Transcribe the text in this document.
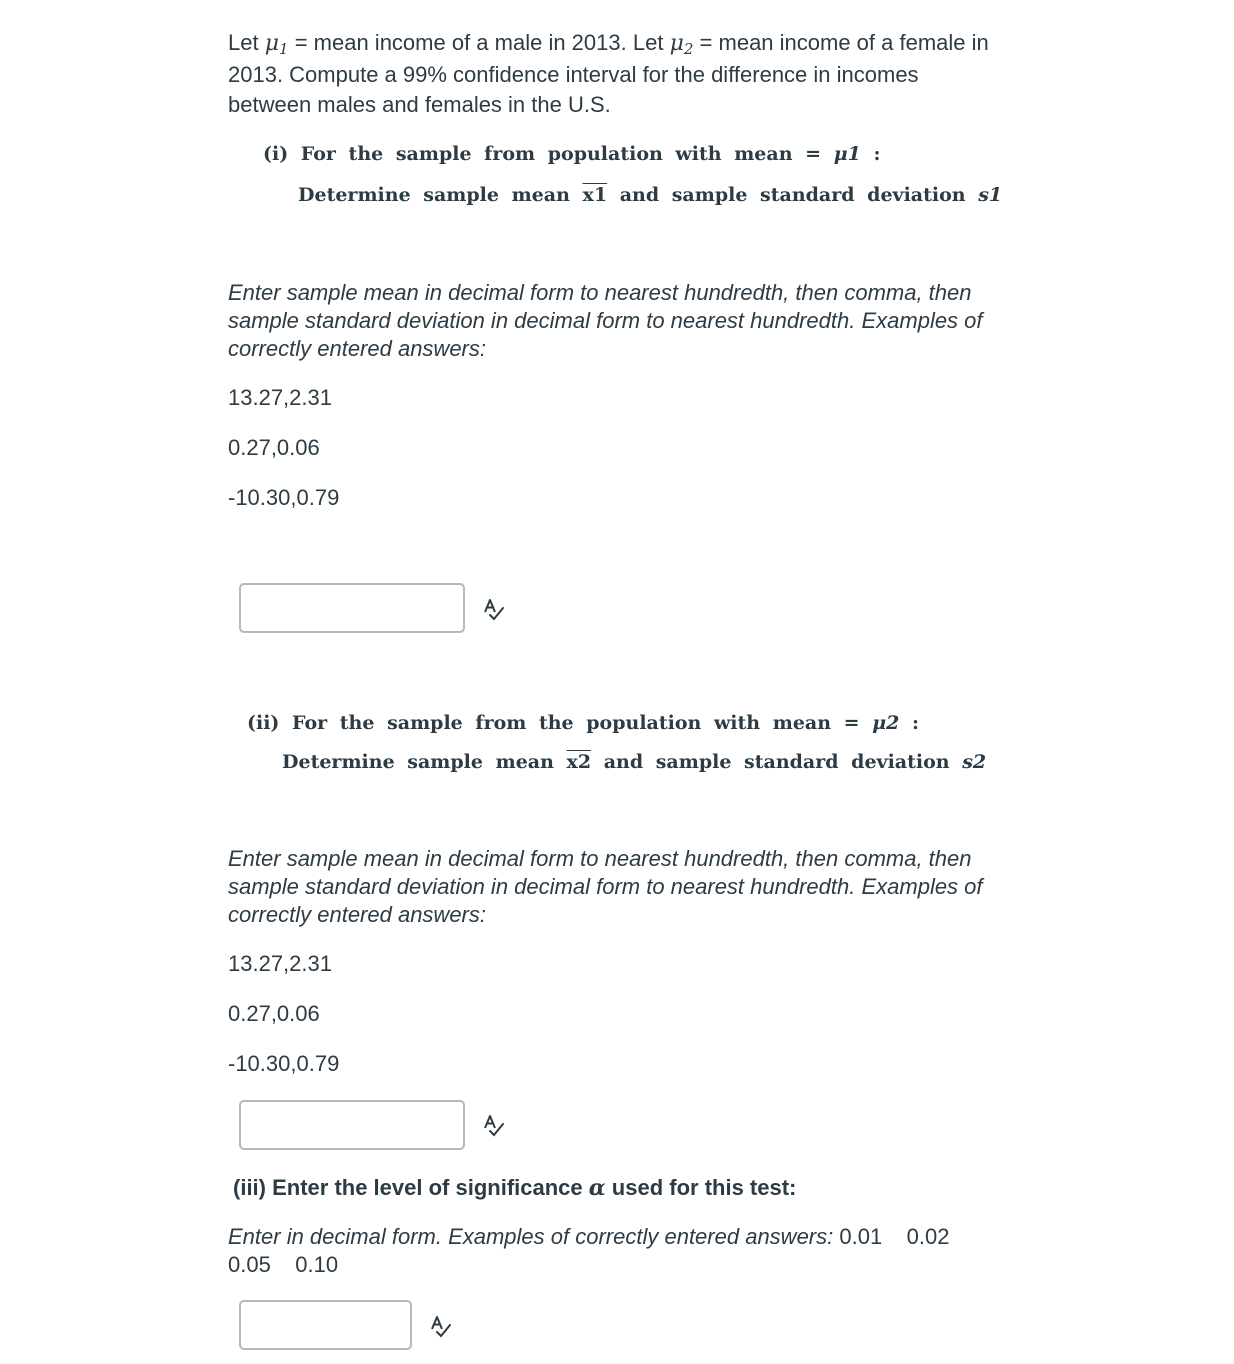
Let $\mu_1$ = mean income of a male in 2013. Let $\mu_2$ = mean income of a female in
2013. Compute a 99% confidence interval for the difference in incomes
between males and females in the U.S.
(i) For the sample from population with mean = μ1 :
Determine sample mean x1 and sample standard deviation s1
Enter sample mean in decimal form to nearest hundredth, then comma, then
sample standard deviation in decimal form to nearest hundredth. Examples of
correctly entered answers:
13.27,2.31
0.27,0.06
-10.30,0.79
(ii) For the sample from the population with mean = μ2 :
Determine sample mean x2 and sample standard deviation s2
Enter sample mean in decimal form to nearest hundredth, then comma, then
sample standard deviation in decimal form to nearest hundredth. Examples of
correctly entered answers:
13.27,2.31
0.27,0.06
-10.30,0.79
(iii) Enter the level of significance α used for this test:
Enter in decimal form. Examples of correctly entered answers: 0.01    0.02
0.05    0.10
